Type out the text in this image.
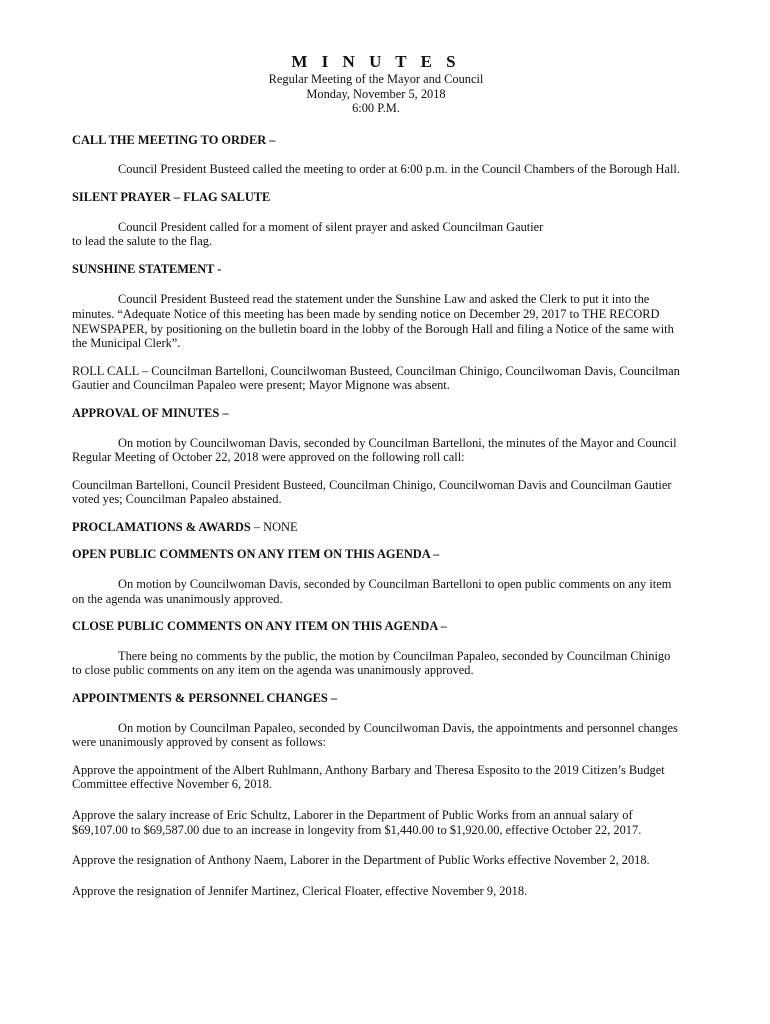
M I N U T E S
Regular Meeting of the Mayor and Council
Monday, November 5, 2018
6:00 P.M.
CALL THE MEETING TO ORDER –

Council President Busteed called the meeting to order at 6:00 p.m. in the Council Chambers of the Borough Hall.

SILENT PRAYER – FLAG SALUTE

Council President called for a moment of silent prayer and asked Councilman Gautier

to lead the salute to the flag.
SUNSHINE STATEMENT -

Council President Busteed read the statement under the Sunshine Law and asked the Clerk to put it into the minutes. “Adequate Notice of this meeting has been made by sending notice on December 29, 2017 to THE RECORD NEWSPAPER, by positioning on the bulletin board in the lobby of the Borough Hall and filing a Notice of the same with the Municipal Clerk”.

ROLL CALL – Councilman Bartelloni, Councilwoman Busteed, Councilman Chinigo, Councilwoman Davis, Councilman Gautier and Councilman Papaleo were present; Mayor Mignone was absent.

APPROVAL OF MINUTES –

On motion by Councilwoman Davis, seconded by Councilman Bartelloni, the minutes of the Mayor and Council Regular Meeting of October 22, 2018 were approved on the following roll call:

Councilman Bartelloni, Council President Busteed, Councilman Chinigo, Councilwoman Davis and Councilman Gautier voted yes; Councilman Papaleo abstained.

PROCLAMATIONS & AWARDS – NONE
OPEN PUBLIC COMMENTS ON ANY ITEM ON THIS AGENDA –

On motion by Councilwoman Davis, seconded by Councilman Bartelloni to open public comments on any item on the agenda was unanimously approved.

CLOSE PUBLIC COMMENTS ON ANY ITEM ON THIS AGENDA –

There being no comments by the public, the motion by Councilman Papaleo, seconded by Councilman Chinigo to close public comments on any item on the agenda was unanimously approved.

APPOINTMENTS & PERSONNEL CHANGES –

On motion by Councilman Papaleo, seconded by Councilwoman Davis, the appointments and personnel changes were unanimously approved by consent as follows:

Approve the appointment of the Albert Ruhlmann, Anthony Barbary and Theresa Esposito to the 2019 Citizen’s Budget Committee effective November 6, 2018.

Approve the salary increase of Eric Schultz, Laborer in the Department of Public Works from an annual salary of $69,107.00 to $69,587.00 due to an increase in longevity from $1,440.00 to $1,920.00, effective October 22, 2017.

Approve the resignation of Anthony Naem, Laborer in the Department of Public Works effective November 2, 2018.

Approve the resignation of Jennifer Martinez, Clerical Floater, effective November 9, 2018.
